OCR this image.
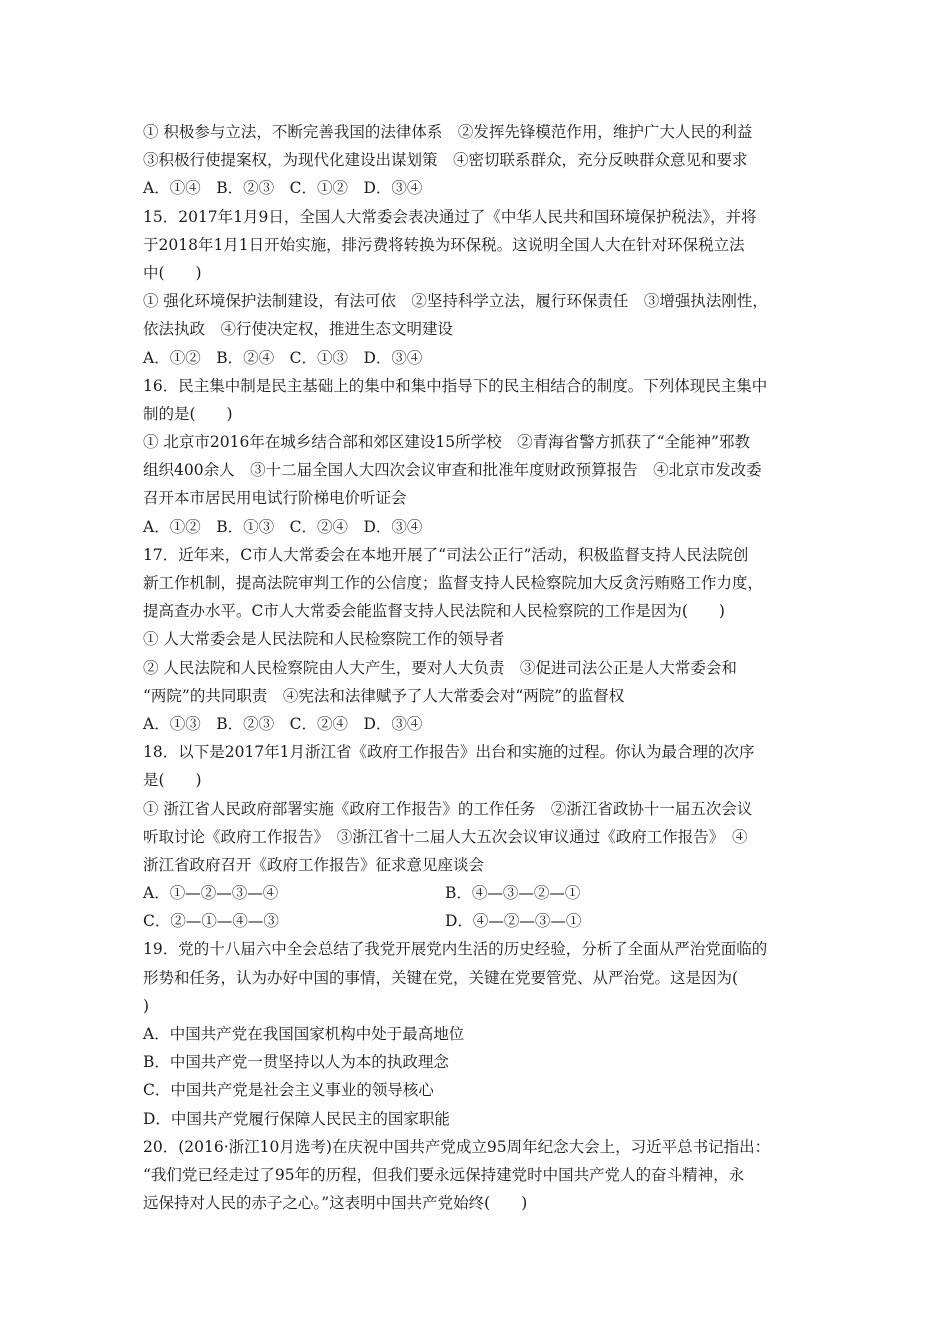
① 积极参与立法，不断完善我国的法律体系　②发挥先锋模范作用，维护广大人民的利益
③积极行使提案权，为现代化建设出谋划策　④密切联系群众，充分反映群众意见和要求
A．①④　B．②③　C．①②　D．③④
15．2017年1月9日，全国人大常委会表决通过了《中华人民共和国环境保护税法》，并将
于2018年1月1日开始实施，排污费将转换为环保税。这说明全国人大在针对环保税立法
中(　　)
① 强化环境保护法制建设，有法可依　②坚持科学立法，履行环保责任　③增强执法刚性，
依法执政　④行使决定权，推进生态文明建设
A．①②　B．②④　C．①③　D．③④
16．民主集中制是民主基础上的集中和集中指导下的民主相结合的制度。下列体现民主集中
制的是(　　)
① 北京市2016年在城乡结合部和郊区建设15所学校　②青海省警方抓获了“全能神”邪教
组织400余人　③十二届全国人大四次会议审查和批准年度财政预算报告　④北京市发改委
召开本市居民用电试行阶梯电价听证会
A．①②　B．①③　C．②④　D．③④
17．近年来，C市人大常委会在本地开展了“司法公正行”活动，积极监督支持人民法院创
新工作机制，提高法院审判工作的公信度；监督支持人民检察院加大反贪污贿赂工作力度，
提高查办水平。C市人大常委会能监督支持人民法院和人民检察院的工作是因为(　　)
① 人大常委会是人民法院和人民检察院工作的领导者
② 人民法院和人民检察院由人大产生，要对人大负责　③促进司法公正是人大常委会和
“两院”的共同职责　④宪法和法律赋予了人大常委会对“两院”的监督权
A．①③　B．②③　C．②④　D．③④
18．以下是2017年1月浙江省《政府工作报告》出台和实施的过程。你认为最合理的次序
是(　　)
① 浙江省人民政府部署实施《政府工作报告》的工作任务　②浙江省政协十一届五次会议
听取讨论《政府工作报告》　③浙江省十二届人大五次会议审议通过《政府工作报告》　④
浙江省政府召开《政府工作报告》征求意见座谈会
A．①—②—③—④	B．④—③—②—①
C．②—①—④—③	D．④—②—③—①
19．党的十八届六中全会总结了我党开展党内生活的历史经验，分析了全面从严治党面临的
形势和任务，认为办好中国的事情，关键在党，关键在党要管党、从严治党。这是因为(
)
A．中国共产党在我国国家机构中处于最高地位
B．中国共产党一贯坚持以人为本的执政理念
C．中国共产党是社会主义事业的领导核心
D．中国共产党履行保障人民民主的国家职能
20．(2016·浙江10月选考)在庆祝中国共产党成立95周年纪念大会上，习近平总书记指出：
“我们党已经走过了95年的历程，但我们要永远保持建党时中国共产党人的奋斗精神，永
远保持对人民的赤子之心。”这表明中国共产党始终(　　)
